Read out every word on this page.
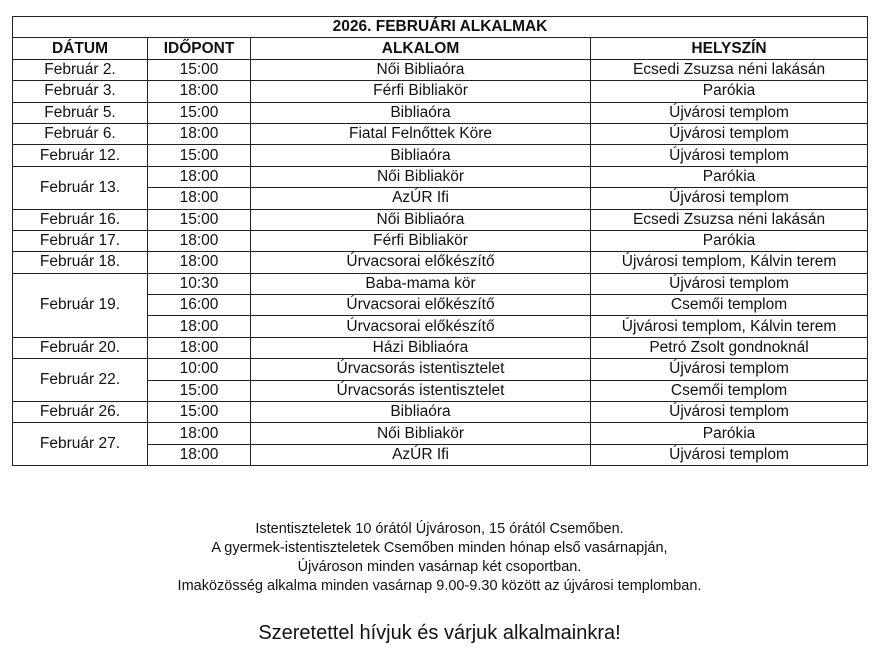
2026. FEBRUÁRI ALKALMAK			
DÁTUM	IDŐPONT	ALKALOM	HELYSZÍN
Február 2.	15:00	Női Bibliaóra	Ecsedi Zsuzsa néni lakásán
Február 3.	18:00	Férfi Bibliakör	Parókia
Február 5.	15:00	Bibliaóra	Újvárosi templom
Február 6.	18:00	Fiatal Felnőttek Köre	Újvárosi templom
Február 12.	15:00	Bibliaóra	Újvárosi templom
Február 13.	18:00	Női Bibliakör	Parókia
	18:00	AzÚR Ifi	Újvárosi templom
Február 16.	15:00	Női Bibliaóra	Ecsedi Zsuzsa néni lakásán
Február 17.	18:00	Férfi Bibliakör	Parókia
Február 18.	18:00	Úrvacsorai előkészítő	Újvárosi templom, Kálvin terem
Február 19.	10:30	Baba-mama kör	Újvárosi templom
	16:00	Úrvacsorai előkészítő	Csemői templom
	18:00	Úrvacsorai előkészítő	Újvárosi templom, Kálvin terem
Február 20.	18:00	Házi Bibliaóra	Petró Zsolt gondnoknál
Február 22.	10:00	Úrvacsorás istentisztelet	Újvárosi templom
	15:00	Úrvacsorás istentisztelet	Csemői templom
Február 26.	15:00	Bibliaóra	Újvárosi templom
Február 27.	18:00	Női Bibliakör	Parókia
	18:00	AzÚR Ifi	Újvárosi templom

Istentiszteletek 10 órától Újvároson, 15 órától Csemőben.

A gyermek-istentiszteletek Csemőben minden hónap első vasárnapján,

Újvároson minden vasárnap két csoportban.

Imaközösség alkalma minden vasárnap 9.00-9.30 között az újvárosi templomban.

Szeretettel hívjuk és várjuk alkalmainkra!
